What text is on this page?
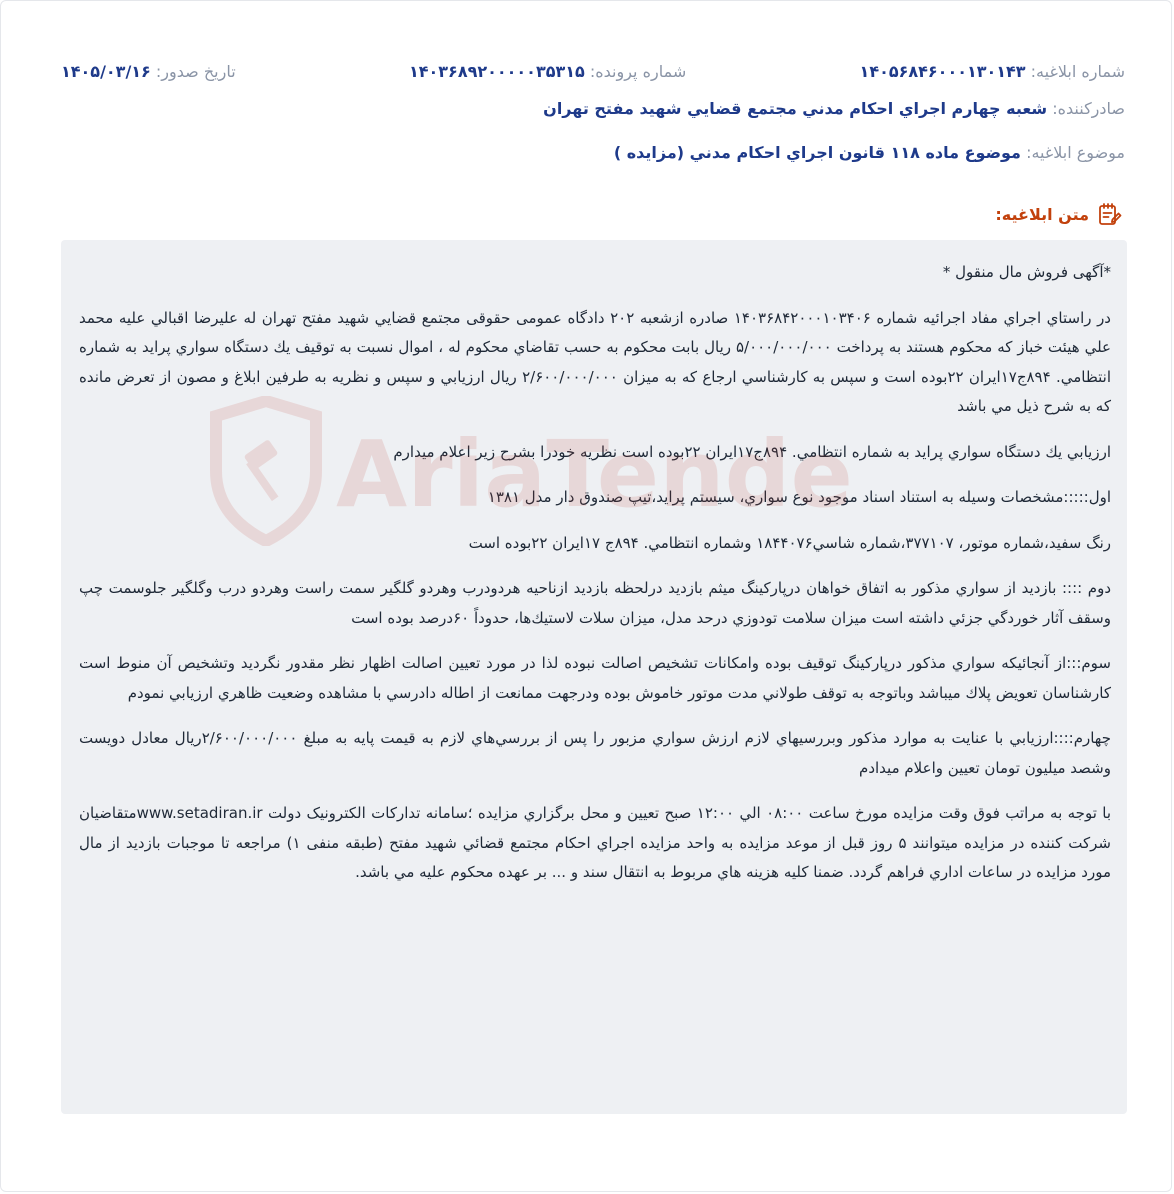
شماره ابلاغيه: ۱۴۰۵۶۸۴۶۰۰۰۱۳۰۱۴۳
شماره پرونده: ۱۴۰۳۶۸۹۲۰۰۰۰۰۳۵۳۱۵
تاريخ صدور: ۱۴۰۵/۰۳/۱۶
صادرکننده: شعبه چهارم اجراي احكام مدني مجتمع قضايي شهيد مفتح تهران
موضوع ابلاغيه: موضوع ماده ۱۱۸ قانون اجراي احكام مدني (مزايده )
متن ابلاغيه:

*آگهی فروش مال منقول *

در راستاي اجراي مفاد اجرائيه شماره ۱۴۰۳۶۸۴۲۰۰۰۱۰۳۴۰۶ صادره ازشعبه ۲۰۲ دادگاه عمومی حقوقی مجتمع قضايي شهيد مفتح تهران له عليرضا اقبالي عليه محمد علي هيئت خباز كه محكوم هستند به پرداخت ۵/۰۰۰/۰۰۰/۰۰۰ ريال بابت محكوم به حسب تقاضاي محكوم له ، اموال نسبت به توقيف يك دستگاه سواري پرايد به شماره انتظامي. ۸۹۴ج۱۷ايران ۲۲بوده است و سپس به كارشناسي ارجاع كه به ميزان ۲/۶۰۰/۰۰۰/۰۰۰ ريال ارزيابي و سپس و نظريه به طرفين ابلاغ و مصون از تعرض مانده كه به شرح ذيل مي باشد

ارزيابي يك دستگاه سواري پرايد به شماره انتظامي. ۸۹۴ج۱۷ايران ۲۲بوده است نظريه خودرا بشرح زير اعلام ميدارم

اول:::::مشخصات وسيله به استناد اسناد موجود نوع سواري، سيستم پرايد،تيپ صندوق دار مدل ۱۳۸۱

رنگ سفيد،شماره موتور، ۳۷۷۱۰۷،شماره شاسي۱۸۴۴۰۷۶ وشماره انتظامي. ۸۹۴ج ۱۷ايران ۲۲بوده است

دوم :::: بازديد از سواري مذكور به اتفاق خواهان درپاركينگ ميثم بازديد درلحظه بازديد ازناحيه هردودرب وهردو گلگير سمت راست وهردو درب وگلگير جلوسمت چپ وسقف آثار خوردگي جزئي داشته است ميزان سلامت تودوزي درحد مدل، ميزان سلات لاستيك‌ها، حدوداً ۶۰درصد بوده است

سوم:::از آنجائيكه سواري مذكور درپاركينگ توقيف بوده وامكانات تشخيص اصالت نبوده لذا در مورد تعيين اصالت اظهار نظر مقدور نگرديد وتشخيص آن منوط است كارشناسان تعويض پلاك ميباشد وباتوجه به توقف طولاني مدت موتور خاموش بوده ودرجهت ممانعت از اطاله دادرسي با مشاهده وضعيت ظاهري ارزيابي نمودم

چهارم::::ارزيابي با عنايت به موارد مذكور وبررسيهاي لازم ارزش سواري مزبور را پس از بررسي‌هاي لازم به قيمت پايه به مبلغ ۲/۶۰۰/۰۰۰/۰۰۰ريال معادل دويست وشصد ميليون تومان تعيين واعلام ميدادم

با توجه به مراتب فوق وقت مزايده مورخ ساعت ۰۸:۰۰ الي ۱۲:۰۰ صبح تعيين و محل برگزاري مزايده ؛سامانه تداركات الكترونيک دولت www.setadiran.irمتقاضيان شركت كننده در مزايده ميتوانند ۵ روز قبل از موعد مزايده به واحد مزايده اجراي احكام مجتمع قضائي شهيد مفتح (طبقه منفی ۱) مراجعه تا موجبات بازديد از مال مورد مزايده در ساعات اداري فراهم گردد. ضمنا كليه هزينه هاي مربوط به انتقال سند و ... بر عهده محكوم عليه مي باشد.
